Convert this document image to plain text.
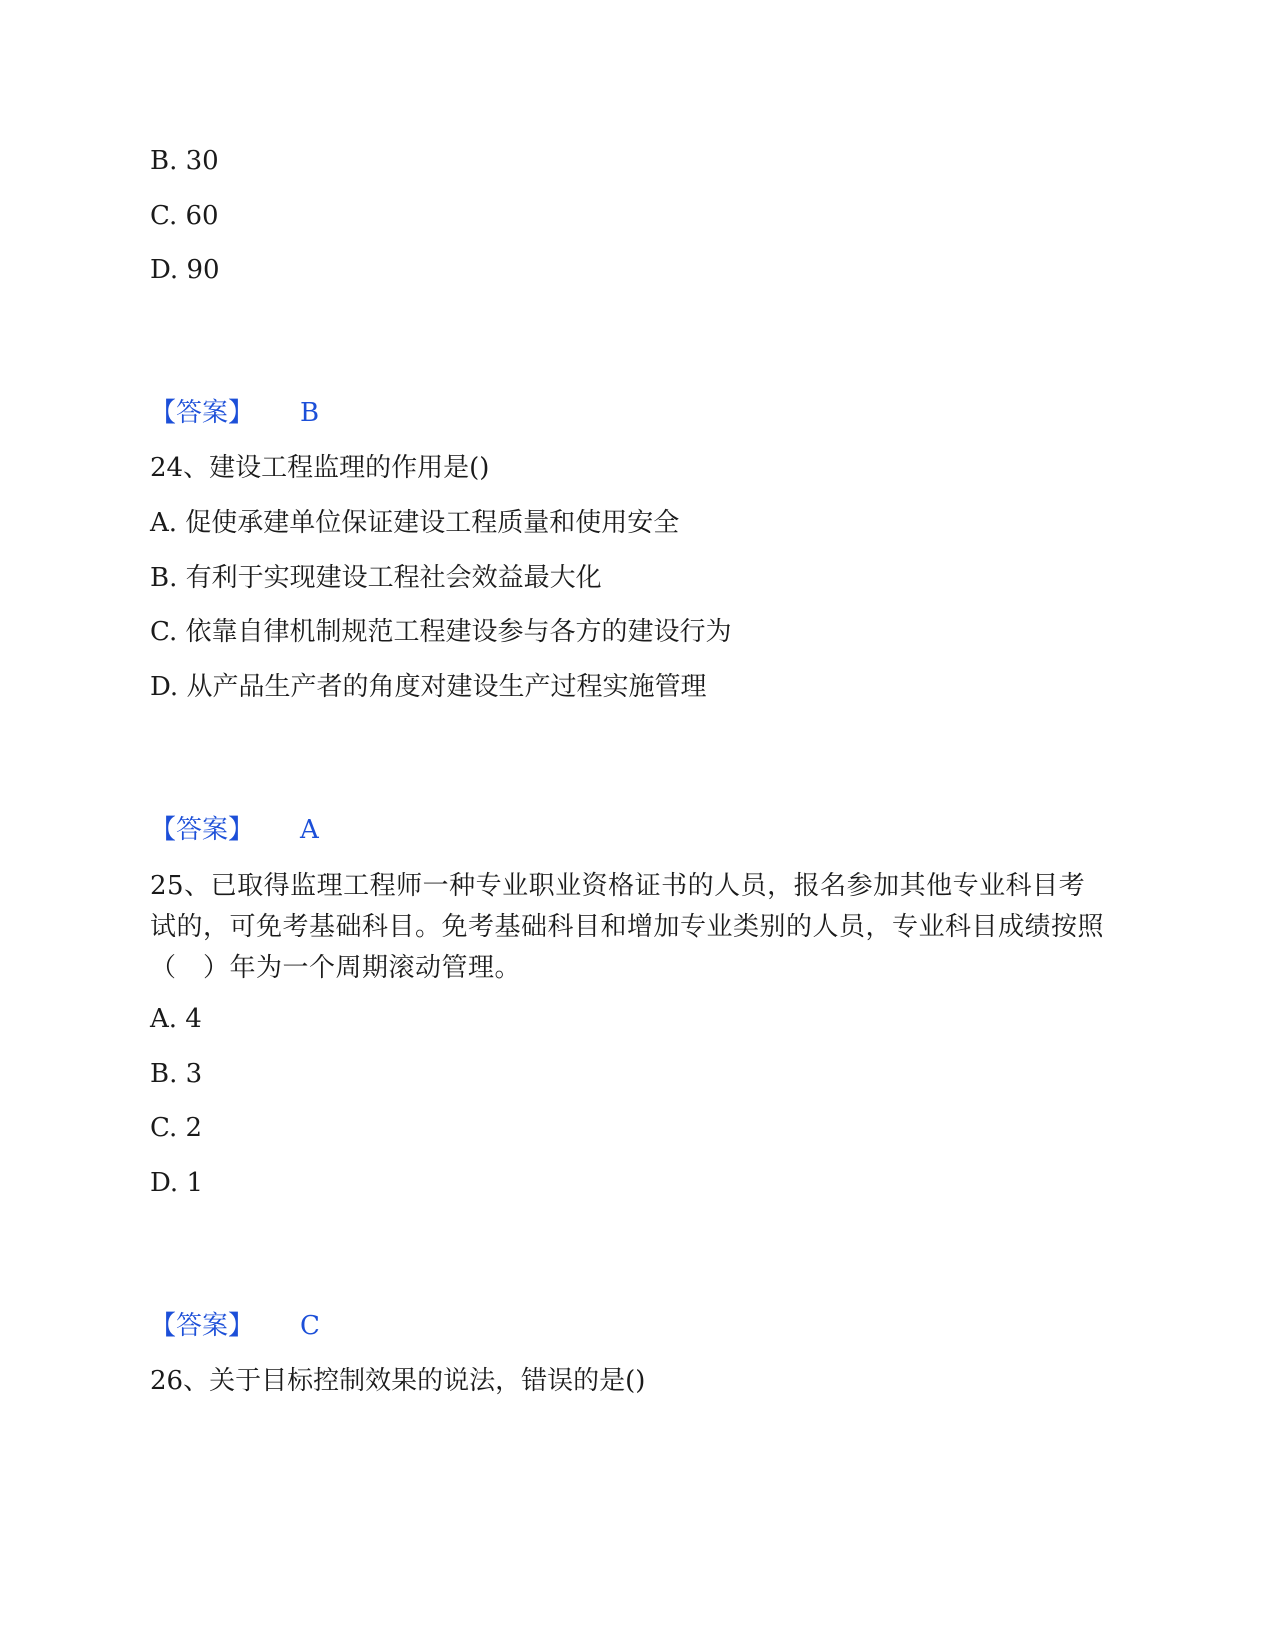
B. 30
C. 60
D. 90
【答案】 B
24、建设工程监理的作用是()
A. 促使承建单位保证建设工程质量和使用安全
B. 有利于实现建设工程社会效益最大化
C. 依靠自律机制规范工程建设参与各方的建设行为
D. 从产品生产者的角度对建设生产过程实施管理
【答案】 A
25、已取得监理工程师一种专业职业资格证书的人员，报名参加其他专业科目考试的，可免考基础科目。免考基础科目和增加专业类别的人员，专业科目成绩按照（　）年为一个周期滚动管理。
A. 4
B. 3
C. 2
D. 1
【答案】 C
26、关于目标控制效果的说法，错误的是()
